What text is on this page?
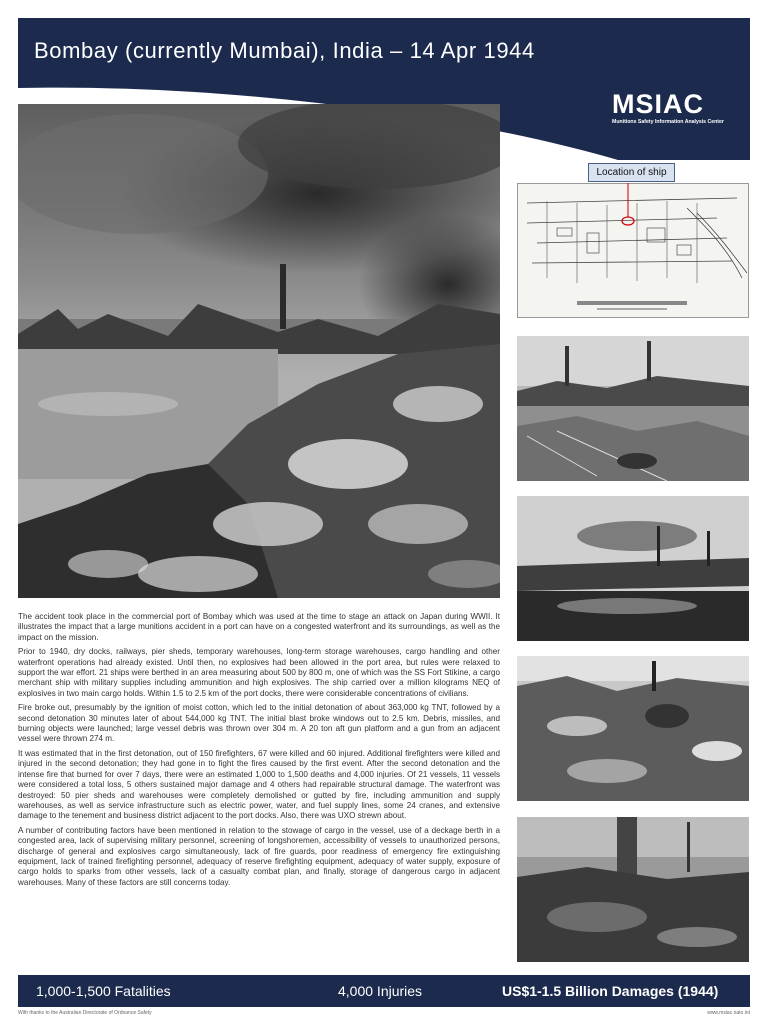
Bombay (currently Mumbai), India – 14 Apr 1944
MSIAC
Munitions Safety Information Analysis Center
Location of ship

The accident took place in the commercial port of Bombay which was used at the time to stage an attack on Japan during WWII. It illustrates the impact that a large munitions accident in a port can have on a congested waterfront and its surroundings, as well as the impact on the mission.

Prior to 1940, dry docks, railways, pier sheds, temporary warehouses, long-term storage warehouses, cargo handling and other waterfront operations had already existed. Until then, no explosives had been allowed in the port area, but rules were relaxed to support the war effort. 21 ships were berthed in an area measuring about 500 by 800 m, one of which was the SS Fort Stikine, a cargo merchant ship with military supplies including ammunition and high explosives. The ship carried over a million kilograms NEQ of explosives in two main cargo holds. Within 1.5 to 2.5 km of the port docks, there were considerable concentrations of civilians.

Fire broke out, presumably by the ignition of moist cotton, which led to the initial detonation of about 363,000 kg TNT, followed by a second detonation 30 minutes later of about 544,000 kg TNT. The initial blast broke windows out to 2.5 km. Debris, missiles, and burning objects were launched; large vessel debris was thrown over 304 m. A 20 ton aft gun platform and a gun from an adjacent vessel were thrown 274 m.

It was estimated that in the first detonation, out of 150 firefighters, 67 were killed and 60 injured. Additional firefighters were killed and injured in the second detonation; they had gone in to fight the fires caused by the first event. After the second detonation and the intense fire that burned for over 7 days, there were an estimated 1,000 to 1,500 deaths and 4,000 injuries. Of 21 vessels, 11 vessels were considered a total loss, 5 others sustained major damage and 4 others had repairable structural damage. The waterfront was destroyed: 50 pier sheds and warehouses were completely demolished or gutted by fire, including ammunition and supply warehouses, as well as service infrastructure such as electric power, water, and fuel supply lines, some 24 cranes, and extensive damage to the tenement and business district adjacent to the port docks. Also, there was UXO strewn about.

A number of contributing factors have been mentioned in relation to the stowage of cargo in the vessel, use of a deckage berth in a congested area, lack of supervising military personnel, screening of longshoremen, accessibility of vessels to unauthorized persons, discharge of general and explosives cargo simultaneously, lack of fire guards, poor readiness of emergency fire extinguishing equipment, lack of trained firefighting personnel, adequacy of reserve firefighting equipment, adequacy of water supply, exposure of cargo holds to sparks from other vessels, lack of a casualty combat plan, and finally, storage of dangerous cargo in adjacent warehouses. Many of these factors are still concerns today.

1,000-1,500 Fatalities	4,000 Injuries	US$1-1.5 Billion Damages (1944)
With thanks to the Australian Directorate of Ordnance Safety	www.msiac.nato.int
